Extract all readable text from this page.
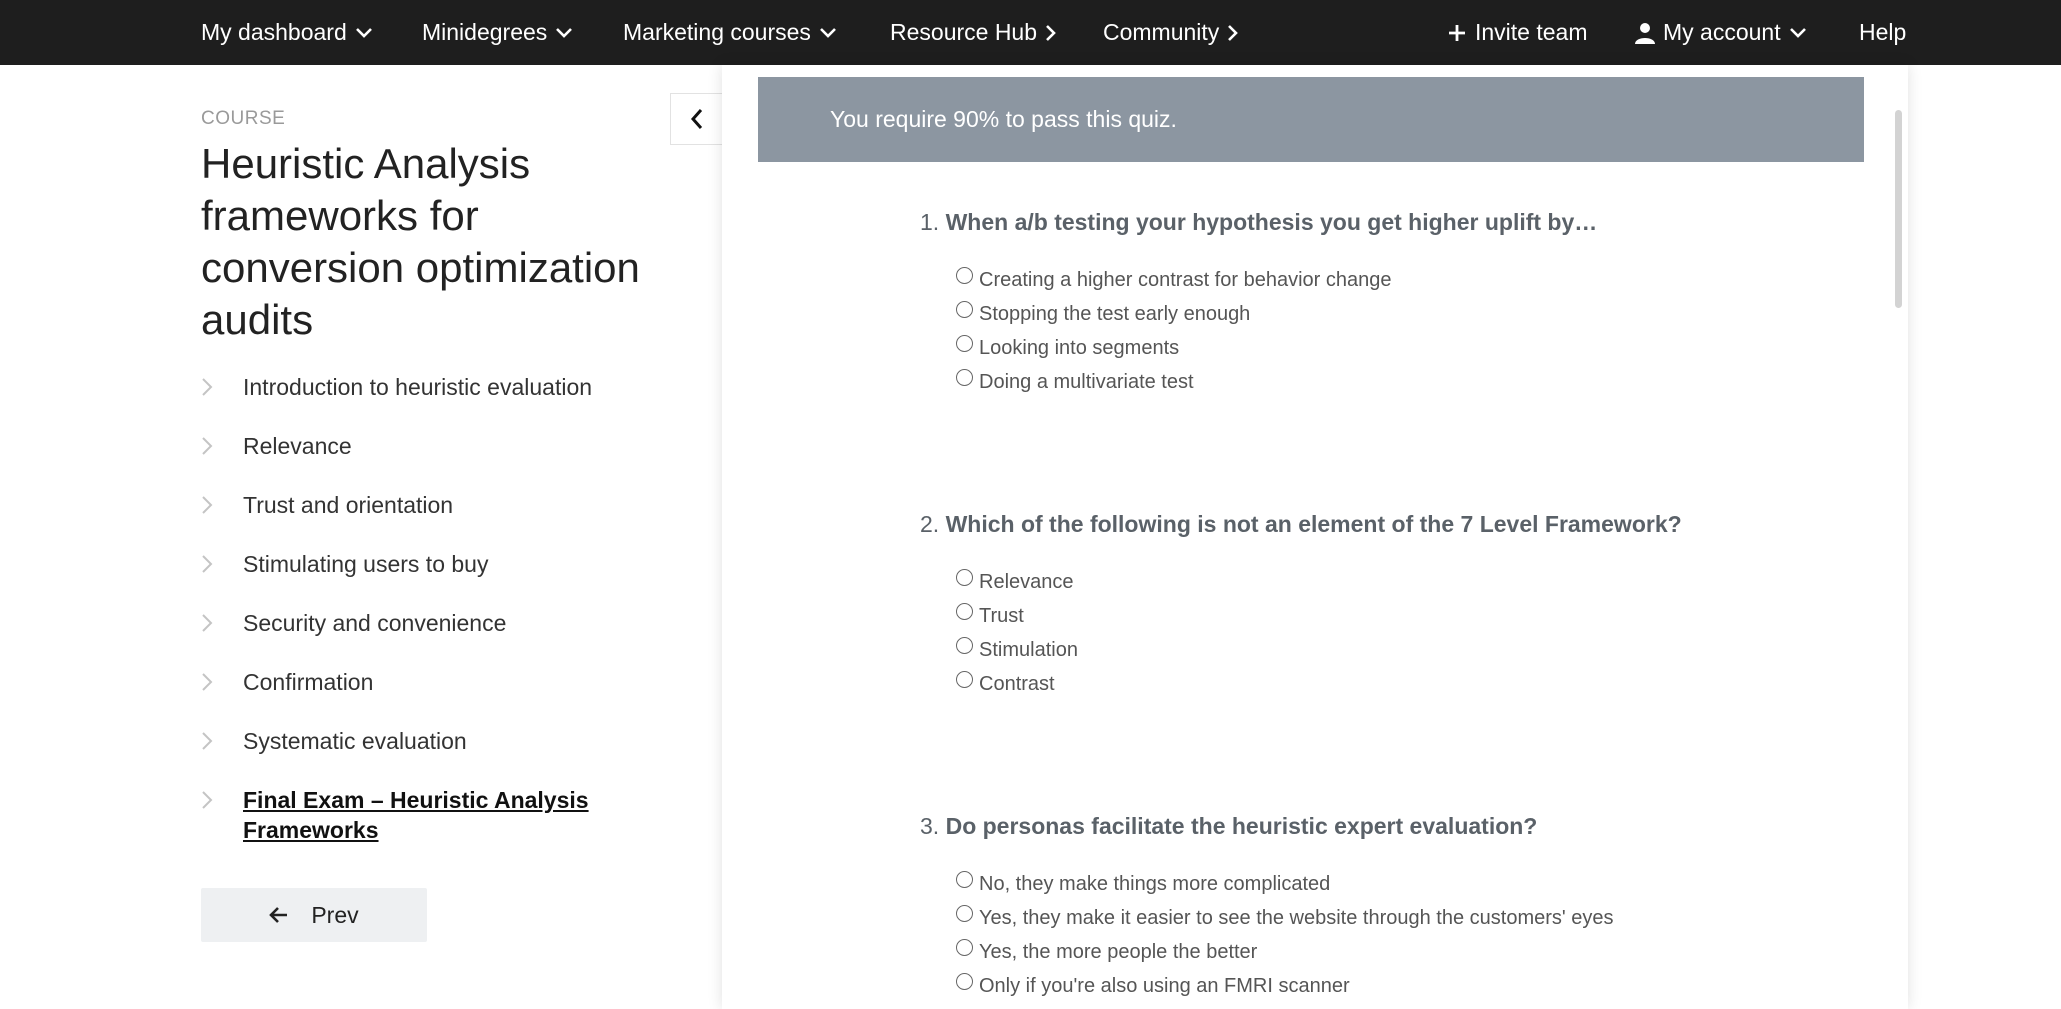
My dashboard	Minidegrees	Marketing courses	Resource Hub	Community	Invite team	My account	Help
COURSE
Heuristic Analysis frameworks for conversion optimization audits
Introduction to heuristic evaluation
Relevance
Trust and orientation
Stimulating users to buy
Security and convenience
Confirmation
Systematic evaluation
Final Exam – Heuristic Analysis Frameworks
Prev
You require 90% to pass this quiz.
1. When a/b testing your hypothesis you get higher uplift by…
Creating a higher contrast for behavior change
Stopping the test early enough
Looking into segments
Doing a multivariate test
2. Which of the following is not an element of the 7 Level Framework?
Relevance
Trust
Stimulation
Contrast
3. Do personas facilitate the heuristic expert evaluation?
No, they make things more complicated
Yes, they make it easier to see the website through the customers' eyes
Yes, the more people the better
Only if you're also using an FMRI scanner
